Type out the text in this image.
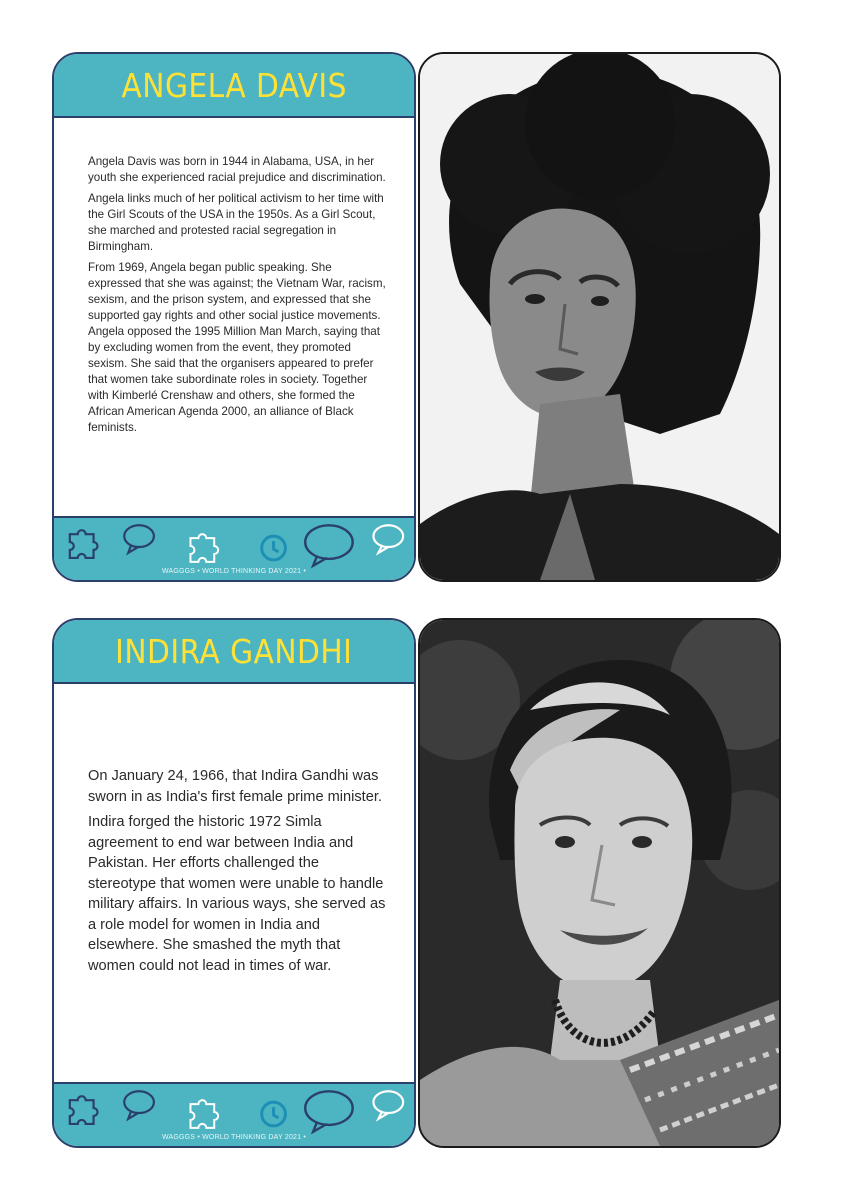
ANGELA DAVIS

Angela Davis was born in 1944 in Alabama, USA, in her youth she experienced racial prejudice and discrimination.

Angela links much of her political activism to her time with the Girl Scouts of the USA in the 1950s. As a Girl Scout, she marched and protested racial segregation in Birmingham.

From 1969, Angela began public speaking. She expressed that she was against; the Vietnam War, racism, sexism, and the prison system, and expressed that she supported gay rights and other social justice movements. Angela opposed the 1995 Million Man March, saying that by excluding women from the event, they promoted sexism. She said that the organisers appeared to prefer that women take subordinate roles in society. Together with Kimberlé Crenshaw and others, she formed the African American Agenda 2000, an alliance of Black feminists.

WAGGGS • WORLD THINKING DAY 2021 •
INDIRA GANDHI

On January 24, 1966, that Indira Gandhi was sworn in as India's first female prime minister.

Indira forged the historic 1972 Simla agreement to end war between India and Pakistan. Her efforts challenged the stereotype that women were unable to handle military affairs. In various ways, she served as a role model for women in India and elsewhere. She smashed the myth that women could not lead in times of war.

WAGGGS • WORLD THINKING DAY 2021 •
